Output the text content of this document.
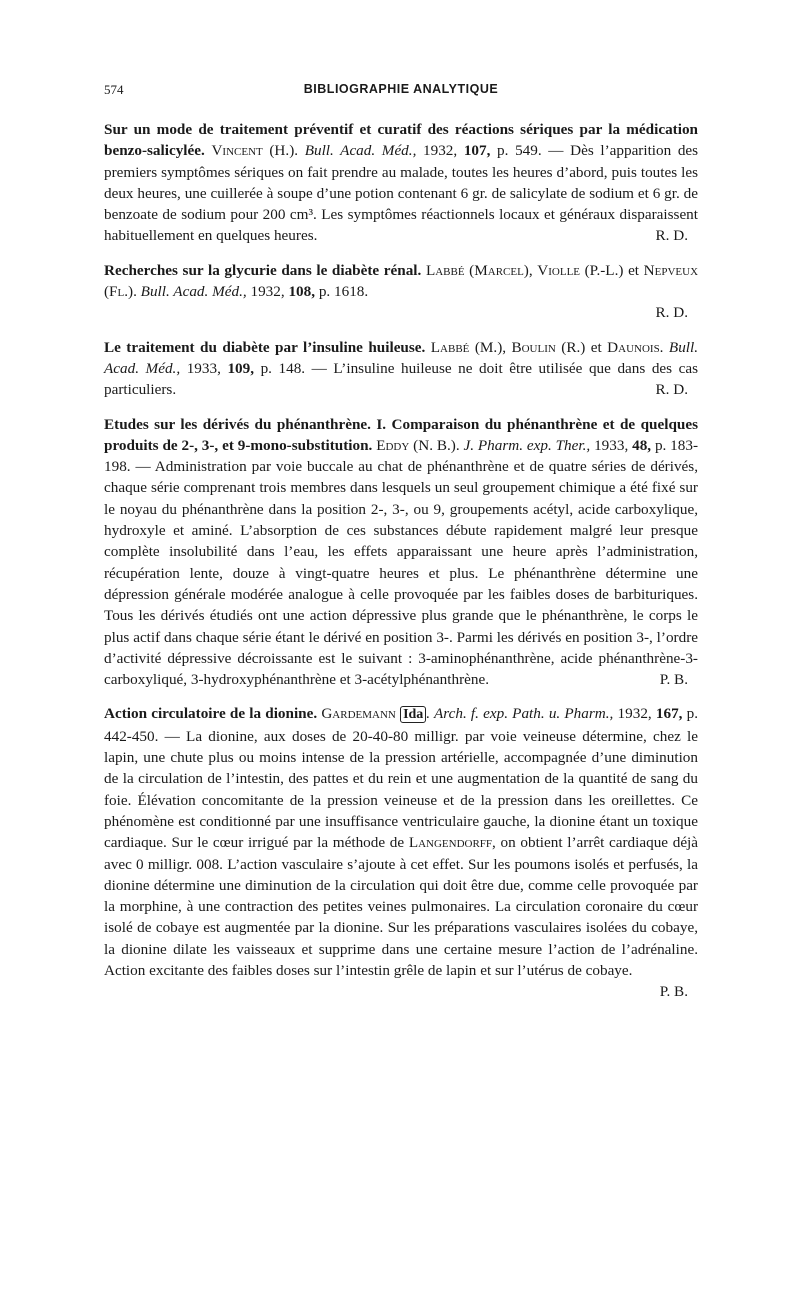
574	BIBLIOGRAPHIE ANALYTIQUE
Sur un mode de traitement préventif et curatif des réactions sériques par la médication benzo-salicylée. Vincent (H.). Bull. Acad. Méd., 1932, 107, p. 549. — Dès l’apparition des premiers symptômes sériques on fait prendre au malade, toutes les heures d’abord, puis toutes les deux heures, une cuillerée à soupe d’une potion contenant 6 gr. de salicylate de sodium et 6 gr. de benzoate de sodium pour 200 cm³. Les symptômes réactionnels locaux et généraux disparaissent habituellement en quelques heures.	R. D.
Recherches sur la glycurie dans le diabète rénal. Labbé (Marcel), Violle (P.-L.) et Nepveux (Fl.). Bull. Acad. Méd., 1932, 108, p. 1618.
R. D.
Le traitement du diabète par l’insuline huileuse. Labbé (M.), Boulin (R.) et Daunois. Bull. Acad. Méd., 1933, 109, p. 148. — L’insuline huileuse ne doit être utilisée que dans des cas particuliers.	R. D.
Etudes sur les dérivés du phénanthrène. I. Comparaison du phénanthrène et de quelques produits de 2-, 3-, et 9-mono-substitution. Eddy (N. B.). J. Pharm. exp. Ther., 1933, 48, p. 183-198. — Administration par voie buccale au chat de phénanthrène et de quatre séries de dérivés, chaque série comprenant trois membres dans lesquels un seul groupement chimique a été fixé sur le noyau du phénanthrène dans la position 2-, 3-, ou 9, groupements acétyl, acide carboxylique, hydroxyle et aminé. L’absorption de ces substances débute rapidement malgré leur presque complète insolubilité dans l’eau, les effets apparaissant une heure après l’administration, récupération lente, douze à vingt-quatre heures et plus. Le phénanthrène détermine une dépression générale modérée analogue à celle provoquée par les faibles doses de barbituriques. Tous les dérivés étudiés ont une action dépressive plus grande que le phénanthrène, le corps le plus actif dans chaque série étant le dérivé en position 3-. Parmi les dérivés en position 3-, l’ordre d’activité dépressive décroissante est le suivant : 3-aminophénanthrène, acide phénanthrène-3-carboxyliqué, 3-hydroxyphénanthrène et 3-acétylphénanthrène.	P. B.
Action circulatoire de la dionine. Gardemann Ida . Arch. f. exp. Path. u. Pharm., 1932, 167, p. 442-450. — La dionine, aux doses de 20-40-80 milligr. par voie veineuse détermine, chez le lapin, une chute plus ou moins intense de la pression artérielle, accompagnée d’une diminution de la circulation de l’intestin, des pattes et du rein et une augmentation de la quantité de sang du foie. Élévation concomitante de la pression veineuse et de la pression dans les oreillettes. Ce phénomène est conditionné par une insuffisance ventriculaire gauche, la dionine étant un toxique cardiaque. Sur le cœur irrigué par la méthode de Langendorff, on obtient l’arrêt cardiaque déjà avec 0 milligr. 008. L’action vasculaire s’ajoute à cet effet. Sur les poumons isolés et perfusés, la dionine détermine une diminution de la circulation qui doit être due, comme celle provoquée par la morphine, à une contraction des petites veines pulmonaires. La circulation coronaire du cœur isolé de cobaye est augmentée par la dionine. Sur les préparations vasculaires isolées du cobaye, la dionine dilate les vaisseaux et supprime dans une certaine mesure l’action de l’adrénaline. Action excitante des faibles doses sur l’intestin grêle de lapin et sur l’utérus de cobaye.
P. B.
